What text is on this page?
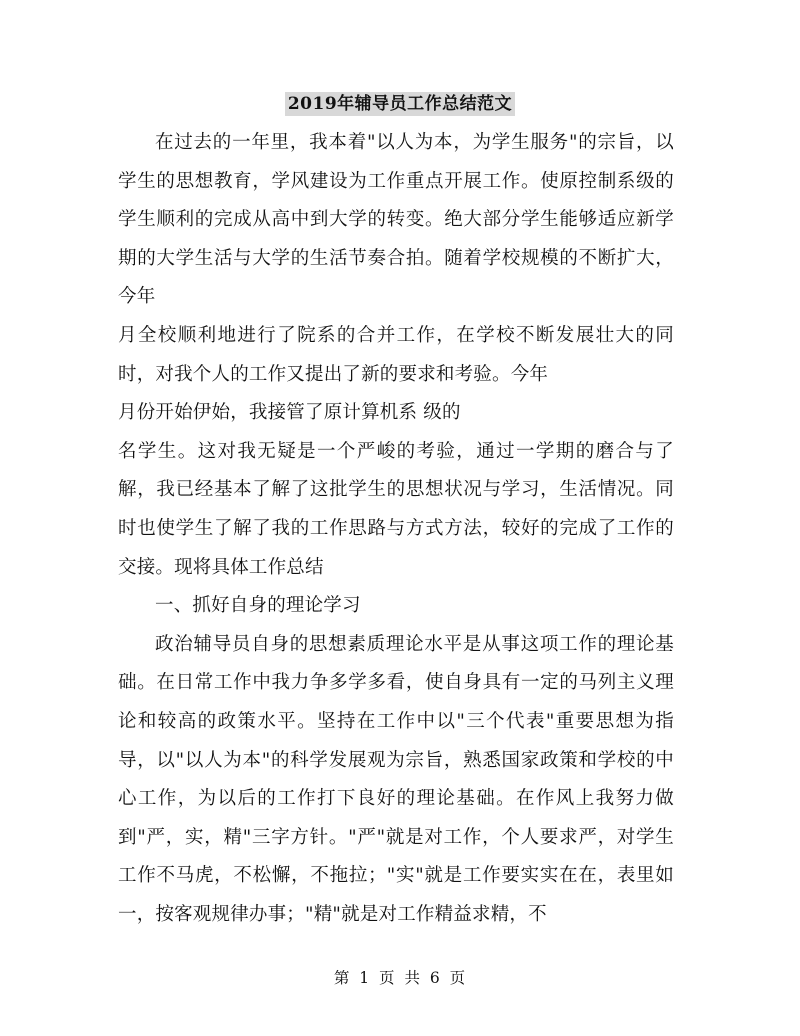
2019年辅导员工作总结范文

在过去的一年里，我本着"以人为本，为学生服务"的宗旨，以学生的思想教育，学风建设为工作重点开展工作。使原控制系级的学生顺利的完成从高中到大学的转变。绝大部分学生能够适应新学期的大学生活与大学的生活节奏合拍。随着学校规模的不断扩大，今年

月全校顺利地进行了院系的合并工作，在学校不断发展壮大的同时，对我个人的工作又提出了新的要求和考验。今年

月份开始伊始，我接管了原计算机系 级的

名学生。这对我无疑是一个严峻的考验，通过一学期的磨合与了解，我已经基本了解了这批学生的思想状况与学习，生活情况。同时也使学生了解了我的工作思路与方式方法，较好的完成了工作的交接。现将具体工作总结

一、抓好自身的理论学习

政治辅导员自身的思想素质理论水平是从事这项工作的理论基础。在日常工作中我力争多学多看，使自身具有一定的马列主义理论和较高的政策水平。坚持在工作中以"三个代表"重要思想为指导，以"以人为本"的科学发展观为宗旨，熟悉国家政策和学校的中心工作，为以后的工作打下良好的理论基础。在作风上我努力做到"严，实，精"三字方针。"严"就是对工作，个人要求严，对学生工作不马虎，不松懈，不拖拉；"实"就是工作要实实在在，表里如一，按客观规律办事；"精"就是对工作精益求精，不

第 1 页 共 6 页
